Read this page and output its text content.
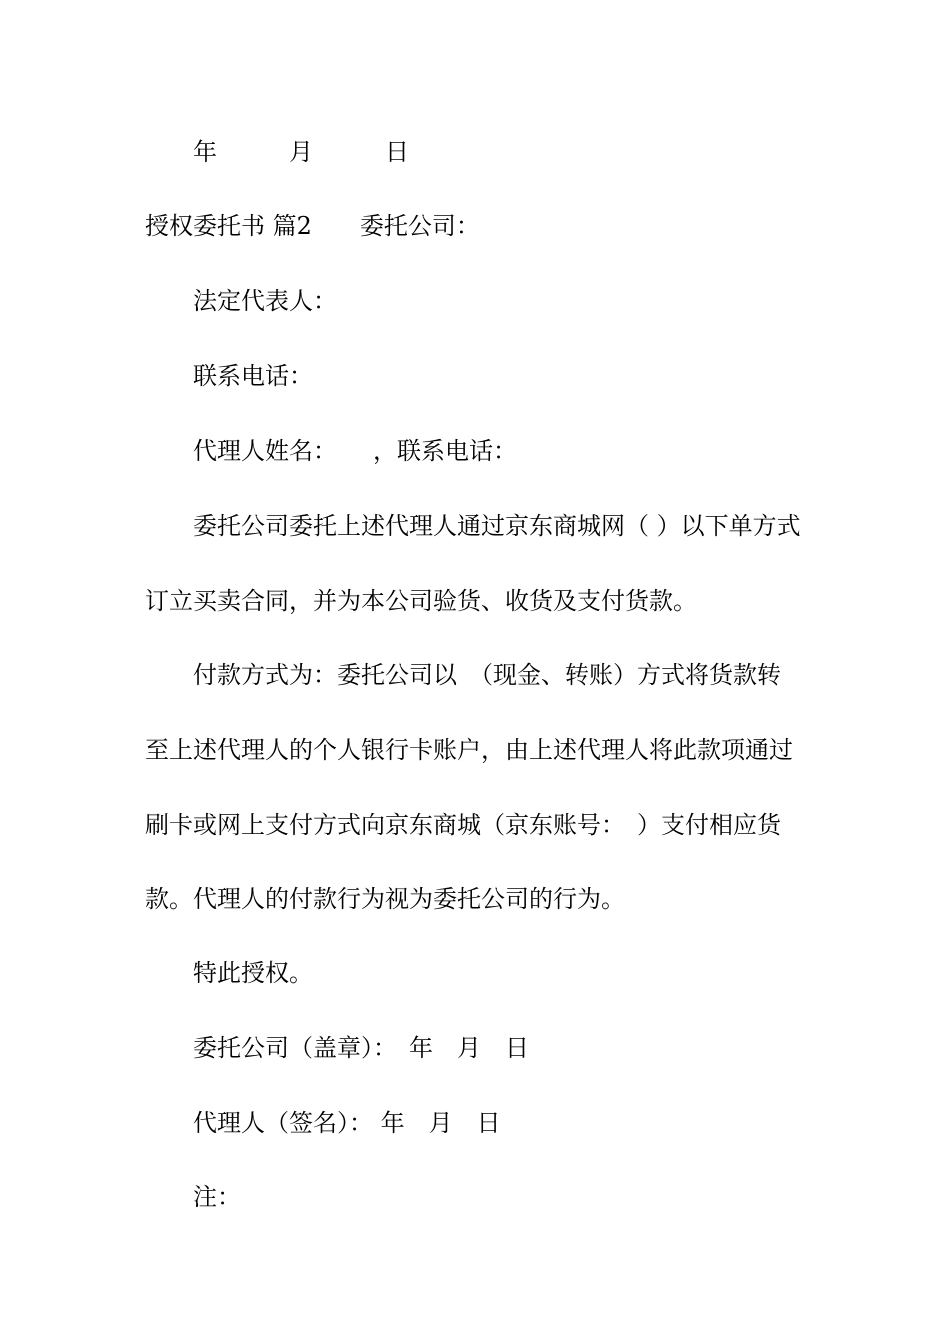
年　　　月　　　日
授权委托书 篇2　　委托公司：
法定代表人：
联系电话：
代理人姓名：　　，联系电话：
委托公司委托上述代理人通过京东商城网（ ）以下单方式
订立买卖合同，并为本公司验货、收货及支付货款。
付款方式为：委托公司以　（现金、转账）方式将货款转
至上述代理人的个人银行卡账户，由上述代理人将此款项通过
刷卡或网上支付方式向京东商城（京东账号：　）支付相应货
款。代理人的付款行为视为委托公司的行为。
特此授权。
委托公司（盖章）：　年　月　日
代理人（签名）： 年　月　日
注：
